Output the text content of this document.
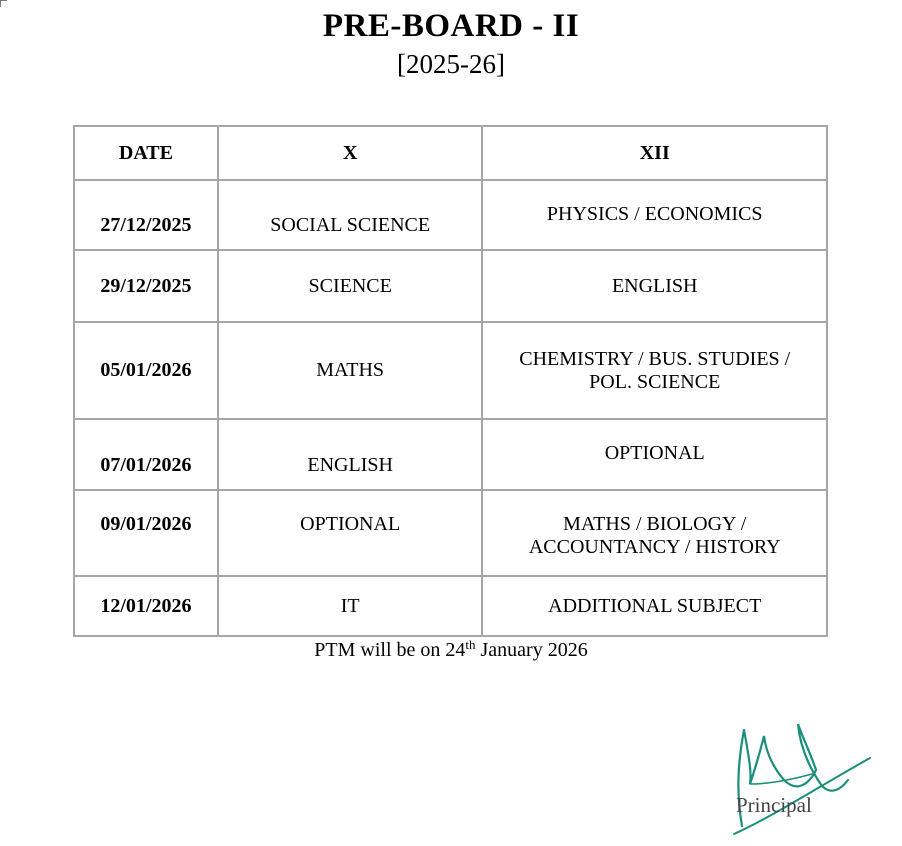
PRE-BOARD - II
[2025-26]
DATE	X	XII
27/12/2025	SOCIAL SCIENCE	PHYSICS / ECONOMICS
29/12/2025	SCIENCE	ENGLISH
05/01/2026	MATHS	CHEMISTRY / BUS. STUDIES /
POL. SCIENCE

07/01/2026	ENGLISH	OPTIONAL
09/01/2026	OPTIONAL	MATHS / BIOLOGY /
ACCOUNTANCY / HISTORY

12/01/2026	IT	ADDITIONAL SUBJECT
PTM will be on 24th January 2026
Principal
